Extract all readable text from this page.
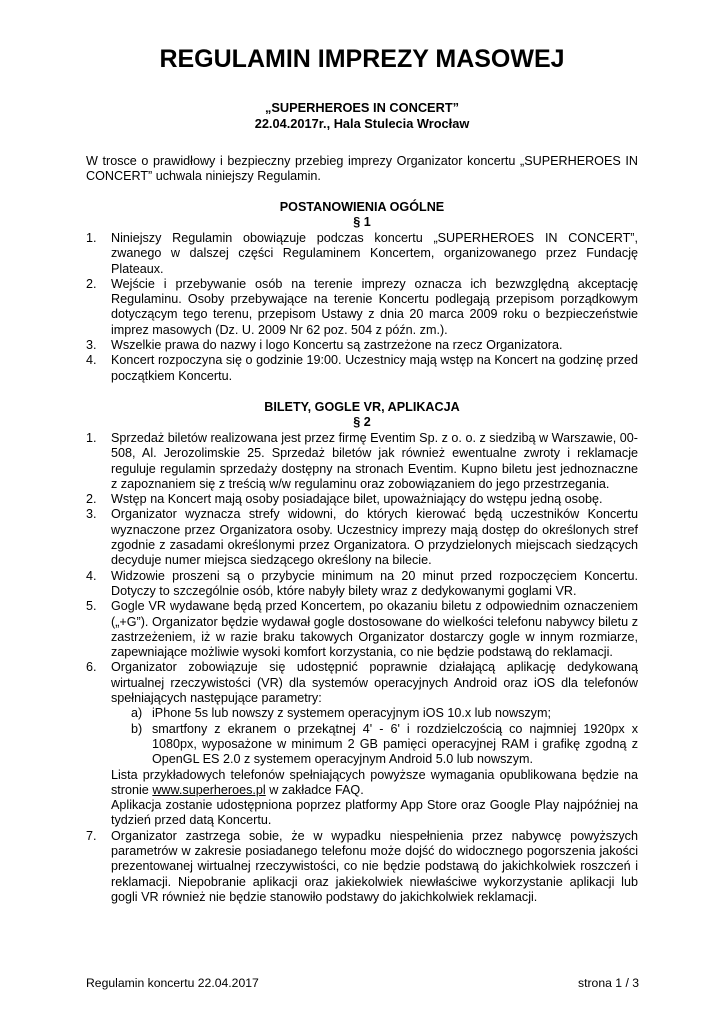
REGULAMIN IMPREZY MASOWEJ
„SUPERHEROES IN CONCERT”
22.04.2017r., Hala Stulecia Wrocław
W trosce o prawidłowy i bezpieczny przebieg imprezy Organizator koncertu „SUPERHEROES IN CONCERT” uchwala niniejszy Regulamin.
POSTANOWIENIA OGÓLNE
§ 1
1. Niniejszy Regulamin obowiązuje podczas koncertu „SUPERHEROES IN CONCERT”, zwanego w dalszej części Regulaminem Koncertem, organizowanego przez Fundację Plateaux.
2. Wejście i przebywanie osób na terenie imprezy oznacza ich bezwzględną akceptację Regulaminu. Osoby przebywające na terenie Koncertu podlegają przepisom porządkowym dotyczącym tego terenu, przepisom Ustawy z dnia 20 marca 2009 roku o bezpieczeństwie imprez masowych (Dz. U. 2009 Nr 62 poz. 504 z późn. zm.).
3. Wszelkie prawa do nazwy i logo Koncertu są zastrzeżone na rzecz Organizatora.
4. Koncert rozpoczyna się o godzinie 19:00. Uczestnicy mają wstęp na Koncert na godzinę przed początkiem Koncertu.
BILETY, GOGLE VR, APLIKACJA
§ 2
1. Sprzedaż biletów realizowana jest przez firmę Eventim Sp. z o. o. z siedzibą w Warszawie, 00-508, Al. Jerozolimskie 25. Sprzedaż biletów jak również ewentualne zwroty i reklamacje reguluje regulamin sprzedaży dostępny na stronach Eventim. Kupno biletu jest jednoznaczne z zapoznaniem się z treścią w/w regulaminu oraz zobowiązaniem do jego przestrzegania.
2. Wstęp na Koncert mają osoby posiadające bilet, upoważniający do wstępu jedną osobę.
3. Organizator wyznacza strefy widowni, do których kierować będą uczestników Koncertu wyznaczone przez Organizatora osoby. Uczestnicy imprezy mają dostęp do określonych stref zgodnie z zasadami określonymi przez Organizatora. O przydzielonych miejscach siedzących decyduje numer miejsca siedzącego określony na bilecie.
4. Widzowie proszeni są o przybycie minimum na 20 minut przed rozpoczęciem Koncertu. Dotyczy to szczególnie osób, które nabyły bilety wraz z dedykowanymi goglami VR.
5. Gogle VR wydawane będą przed Koncertem, po okazaniu biletu z odpowiednim oznaczeniem („+G”). Organizator będzie wydawał gogle dostosowane do wielkości telefonu nabywcy biletu z zastrzeżeniem, iż w razie braku takowych Organizator dostarczy gogle w innym rozmiarze, zapewniające możliwie wysoki komfort korzystania, co nie będzie podstawą do reklamacji.
6. Organizator zobowiązuje się udostępnić poprawnie działającą aplikację dedykowaną wirtualnej rzeczywistości (VR) dla systemów operacyjnych Android oraz iOS dla telefonów spełniających następujące parametry:
a) iPhone 5s lub nowszy z systemem operacyjnym iOS 10.x lub nowszym;
b) smartfony z ekranem o przekątnej 4' - 6' i rozdzielczością co najmniej 1920px x 1080px, wyposażone w minimum 2 GB pamięci operacyjnej RAM i grafikę zgodną z OpenGL ES 2.0 z systemem operacyjnym Android 5.0 lub nowszym.
Lista przykładowych telefonów spełniających powyższe wymagania opublikowana będzie na stronie www.superheroes.pl w zakładce FAQ.
Aplikacja zostanie udostępniona poprzez platformy App Store oraz Google Play najpóźniej na tydzień przed datą Koncertu.
7. Organizator zastrzega sobie, że w wypadku niespełnienia przez nabywcę powyższych parametrów w zakresie posiadanego telefonu może dojść do widocznego pogorszenia jakości prezentowanej wirtualnej rzeczywistości, co nie będzie podstawą do jakichkolwiek roszczeń i reklamacji. Niepobranie aplikacji oraz jakiekolwiek niewłaściwe wykorzystanie aplikacji lub gogli VR również nie będzie stanowiło podstawy do jakichkolwiek reklamacji.
Regulamin koncertu 22.04.2017	strona 1 / 3
